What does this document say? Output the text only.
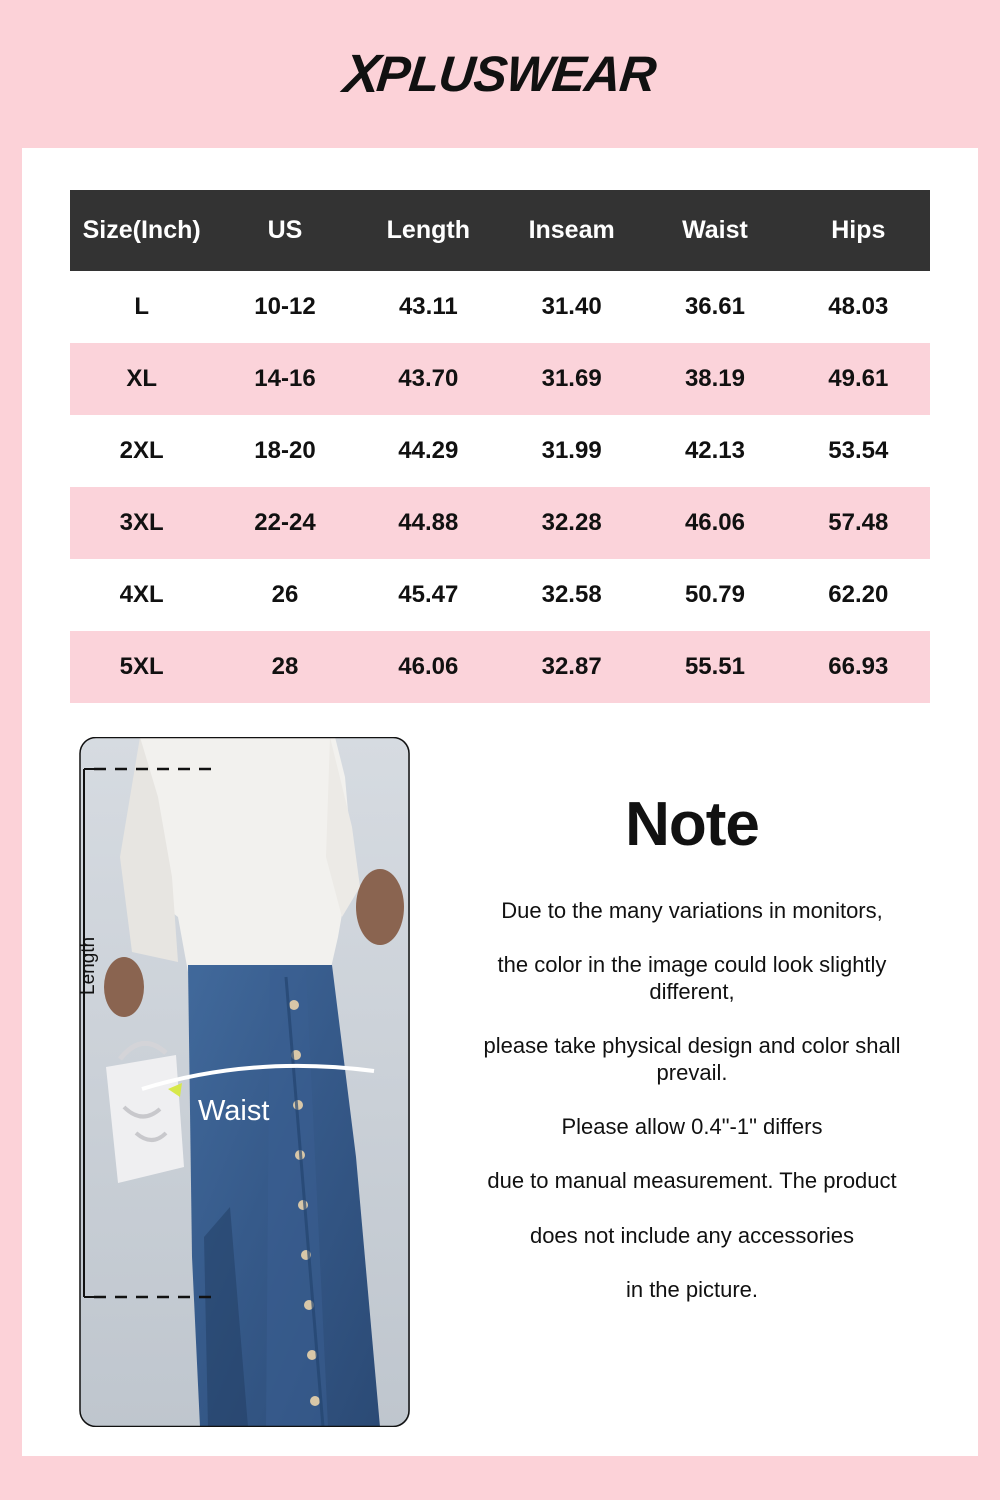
X
PLUSWEAR
Size(Inch)	US	Length	Inseam	Waist	Hips
L	10-12	43.11	31.40	36.61	48.03
XL	14-16	43.70	31.69	38.19	49.61
2XL	18-20	44.29	31.99	42.13	53.54
3XL	22-24	44.88	32.28	46.06	57.48
4XL	26	45.47	32.58	50.79	62.20
5XL	28	46.06	32.87	55.51	66.93
Length
Waist
Note

Due to the many variations in monitors,

the color in the image could look slightly different,

please take physical design and color shall prevail.

Please allow 0.4"-1" differs

due to manual measurement. The product

does not include any accessories

in the picture.
